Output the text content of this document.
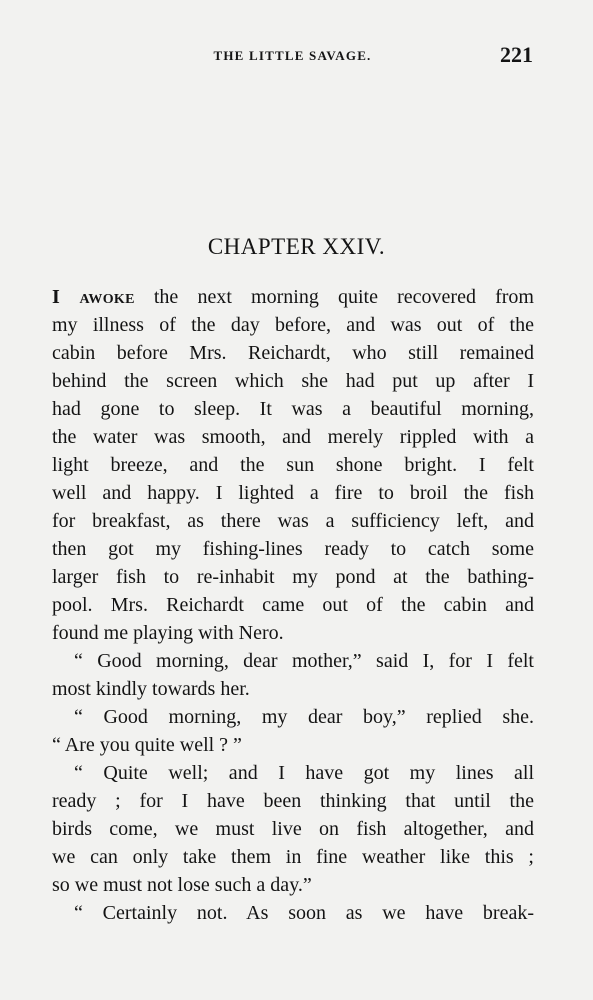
THE LITTLE SAVAGE.	221
CHAPTER XXIV.
I awoke the next morning quite recovered from
my illness of the day before, and was out of the
cabin before Mrs. Reichardt, who still remained
behind the screen which she had put up after I
had gone to sleep. It was a beautiful morning,
the water was smooth, and merely rippled with a
light breeze, and the sun shone bright. I felt
well and happy. I lighted a fire to broil the fish
for breakfast, as there was a sufficiency left, and
then got my fishing-lines ready to catch some
larger fish to re-inhabit my pond at the bathing-
pool. Mrs. Reichardt came out of the cabin and
found me playing with Nero.
“ Good morning, dear mother,” said I, for I felt
most kindly towards her.
“ Good morning, my dear boy,” replied she.
“ Are you quite well ? ”
“ Quite well; and I have got my lines all
ready ; for I have been thinking that until the
birds come, we must live on fish altogether, and
we can only take them in fine weather like this ;
so we must not lose such a day.”
“ Certainly not. As soon as we have break-
